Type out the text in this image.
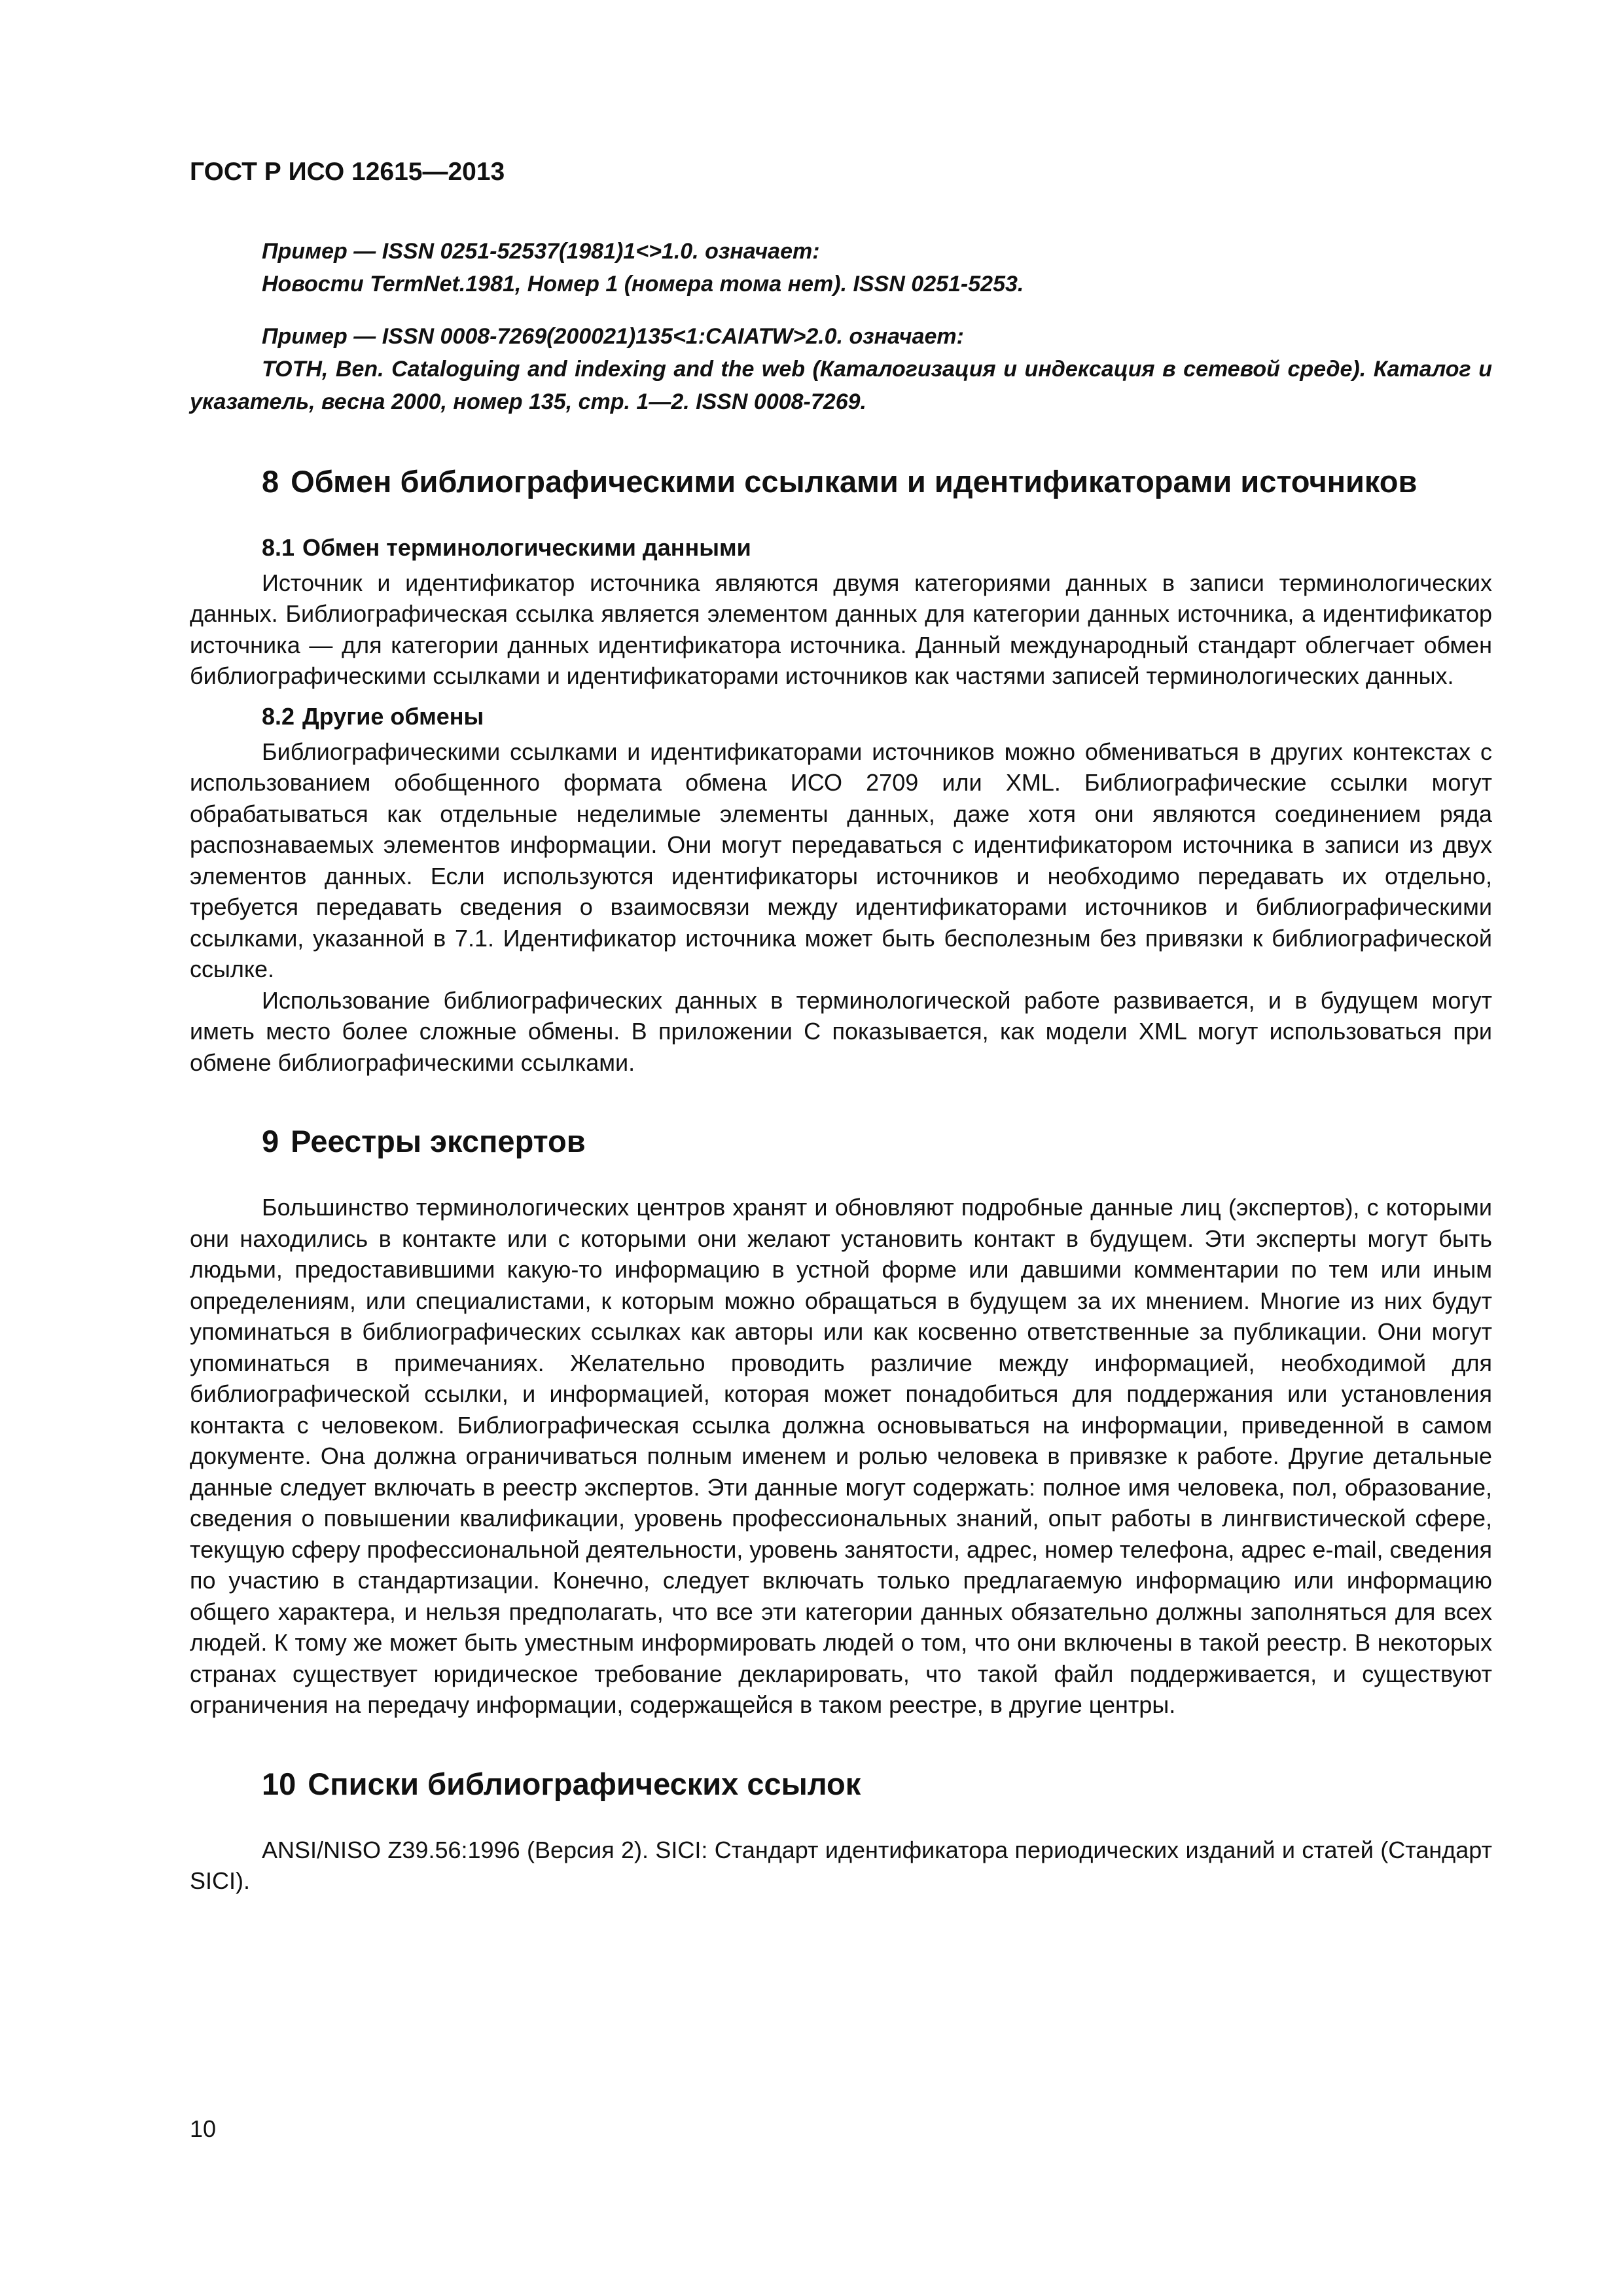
ГОСТ Р ИСО 12615—2013

Пример — ISSN 0251-52537(1981)1<>1.0. означает:

Новости TermNet.1981, Номер 1 (номера тома нет). ISSN 0251-5253.

Пример — ISSN 0008-7269(200021)135<1:CAIATW>2.0. означает:

TOTH, Ben. Cataloguing and indexing and the web (Каталогизация и индексация в сетевой среде). Каталог и указатель, весна 2000, номер 135, стр. 1—2. ISSN 0008-7269.

8 Обмен библиографическими ссылками и идентификаторами источников
8.1 Обмен терминологическими данными

Источник и идентификатор источника являются двумя категориями данных в записи терминологических данных. Библиографическая ссылка является элементом данных для категории данных источника, а идентификатор источника — для категории данных идентификатора источника. Данный международный стандарт облегчает обмен библиографическими ссылками и идентификаторами источников как частями записей терминологических данных.

8.2 Другие обмены

Библиографическими ссылками и идентификаторами источников можно обмениваться в других контекстах с использованием обобщенного формата обмена ИСО 2709 или XML. Библиографические ссылки могут обрабатываться как отдельные неделимые элементы данных, даже хотя они являются соединением ряда распознаваемых элементов информации. Они могут передаваться с идентификатором источника в записи из двух элементов данных. Если используются идентификаторы источников и необходимо передавать их отдельно, требуется передавать сведения о взаимосвязи между идентификаторами источников и библиографическими ссылками, указанной в 7.1. Идентификатор источника может быть бесполезным без привязки к библиографической ссылке.

Использование библиографических данных в терминологической работе развивается, и в будущем могут иметь место более сложные обмены. В приложении С показывается, как модели XML могут использоваться при обмене библиографическими ссылками.

9 Реестры экспертов

Большинство терминологических центров хранят и обновляют подробные данные лиц (экспертов), с которыми они находились в контакте или с которыми они желают установить контакт в будущем. Эти эксперты могут быть людьми, предоставившими какую-то информацию в устной форме или давшими комментарии по тем или иным определениям, или специалистами, к которым можно обращаться в будущем за их мнением. Многие из них будут упоминаться в библиографических ссылках как авторы или как косвенно ответственные за публикации. Они могут упоминаться в примечаниях. Желательно проводить различие между информацией, необходимой для библиографической ссылки, и информацией, которая может понадобиться для поддержания или установления контакта с человеком. Библиографическая ссылка должна основываться на информации, приведенной в самом документе. Она должна ограничиваться полным именем и ролью человека в привязке к работе. Другие детальные данные следует включать в реестр экспертов. Эти данные могут содержать: полное имя человека, пол, образование, сведения о повышении квалификации, уровень профессиональных знаний, опыт работы в лингвистической сфере, текущую сферу профессиональной деятельности, уровень занятости, адрес, номер телефона, адрес e-mail, сведения по участию в стандартизации. Конечно, следует включать только предлагаемую информацию или информацию общего характера, и нельзя предполагать, что все эти категории данных обязательно должны заполняться для всех людей. К тому же может быть уместным информировать людей о том, что они включены в такой реестр. В некоторых странах существует юридическое требование декларировать, что такой файл поддерживается, и существуют ограничения на передачу информации, содержащейся в таком реестре, в другие центры.

10 Списки библиографических ссылок

ANSI/NISO Z39.56:1996 (Версия 2). SICI: Стандарт идентификатора периодических изданий и статей (Стандарт SICI).

10
